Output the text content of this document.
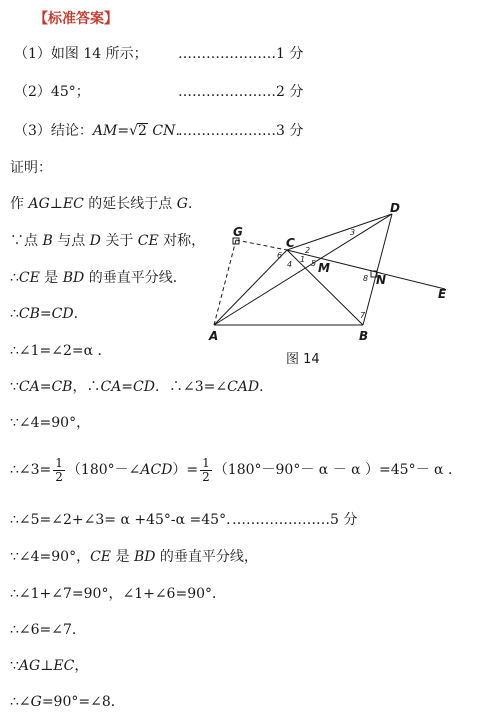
【标准答案】
（1）如图 14 所示； …………………1 分
（2）45°；	…………………2 分
（3）结论：AM=√2 CN．
…………………3 分
证明：
作 AG⊥EC 的延长线于点 G．
∵点 B 与点 D 关于 CE 对称，
∴CE 是 BD 的垂直平分线．
∴CB=CD．
∴∠1=∠2=α ．
∵CA=CB，∴CA=CD．∴∠3=∠CAD．
∵∠4=90°，
∴∠3= $\frac{1}{2}$ （180°－∠ACD）= $\frac{1}{2} (180^\circ-90^\circ- \alpha - \alpha$ ）=45°－ α ．
∴∠5=∠2+∠3= α +45°-α =45°．
…………………5 分
∵∠4=90°，CE 是 BD 的垂直平分线，
∴∠1+∠7=90°，∠1+∠6=90°．
∴∠6=∠7．
∵AG⊥EC，
∴∠G=90°=∠8．
G
C
D
M
N
E
A	B
1
2
3
4 5
6
7
8
图 14
